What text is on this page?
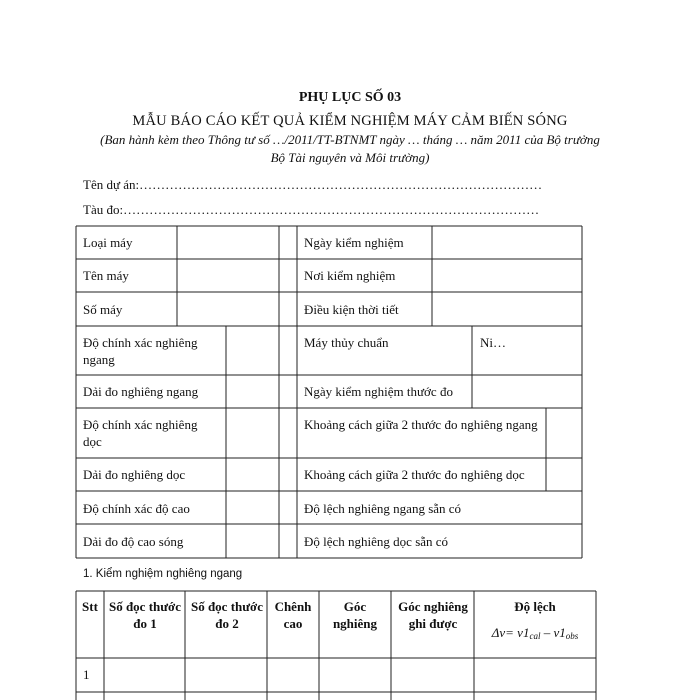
PHỤ LỤC SỐ 03
MẪU BÁO CÁO KẾT QUẢ KIỂM NGHIỆM MÁY CẢM BIẾN SÓNG
(Ban hành kèm theo Thông tư số …/2011/TT-BTNMT ngày … tháng … năm 2011 của Bộ trưởng
Bộ Tài nguyên và Môi trường)
Tên dự án:…………………………………………………………………………………
Tàu đo:……………………………………………………………………………………
Loại máy
Tên máy
Số máy
Độ chính xác nghiêng ngang
Dải đo nghiêng ngang
Độ chính xác nghiêng dọc
Dải đo nghiêng dọc
Độ chính xác độ cao
Dải đo độ cao sóng
Ngày kiểm nghiệm
Nơi kiểm nghiệm
Điều kiện thời tiết
Máy thủy chuẩn	Ni…
Ngày kiểm nghiệm thước đo
Khoảng cách giữa 2 thước đo nghiêng ngang
Khoảng cách giữa 2 thước đo nghiêng dọc
Độ lệch nghiêng ngang sẵn có
Độ lệch nghiêng dọc sẵn có
1. Kiểm nghiệm nghiêng ngang
Stt Số đọc thước đo 1
Số đọc thước đo 2
Chênh cao
Góc nghiêng
Góc nghiêng ghi được
Độ lệch
Δv= v1cal – v1obs
1
